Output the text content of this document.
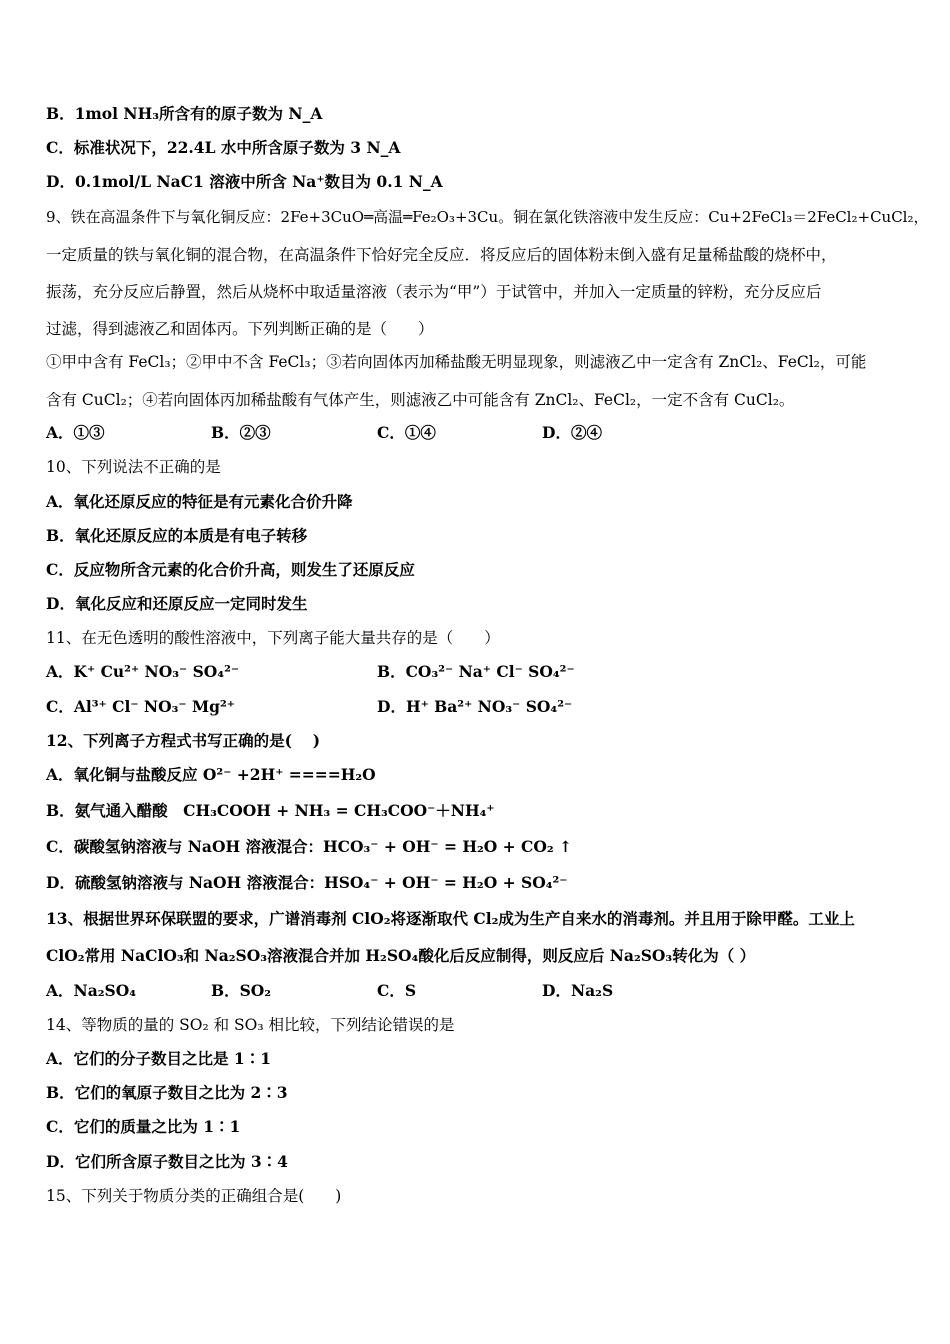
B．1mol NH₃所含有的原子数为 N_A
C．标准状况下，22.4L 水中所含原子数为 3 N_A
D．0.1mol/L NaC1 溶液中所含 Na⁺数目为 0.1 N_A
9、铁在高温条件下与氧化铜反应：2Fe+3CuO═高温═Fe₂O₃+3Cu。铜在氯化铁溶液中发生反应：Cu+2FeCl₃＝2FeCl₂+CuCl₂，
一定质量的铁与氧化铜的混合物，在高温条件下恰好完全反应．将反应后的固体粉末倒入盛有足量稀盐酸的烧杯中，
振荡，充分反应后静置，然后从烧杯中取适量溶液（表示为“甲”）于试管中，并加入一定质量的锌粉，充分反应后
过滤，得到滤液乙和固体丙。下列判断正确的是（　　）
①甲中含有 FeCl₃；②甲中不含 FeCl₃；③若向固体丙加稀盐酸无明显现象，则滤液乙中一定含有 ZnCl₂、FeCl₂，可能
含有 CuCl₂；④若向固体丙加稀盐酸有气体产生，则滤液乙中可能含有 ZnCl₂、FeCl₂，一定不含有 CuCl₂。
A．①③	B．②③	C．①④	D．②④
10、下列说法不正确的是
A．氧化还原反应的特征是有元素化合价升降
B．氧化还原反应的本质是有电子转移
C．反应物所含元素的化合价升高，则发生了还原反应
D．氧化反应和还原反应一定同时发生
11、在无色透明的酸性溶液中，下列离子能大量共存的是（　　）
A．K⁺ Cu²⁺ NO₃⁻ SO₄²⁻	B．CO₃²⁻ Na⁺ Cl⁻ SO₄²⁻
C．Al³⁺ Cl⁻ NO₃⁻ Mg²⁺	D．H⁺ Ba²⁺ NO₃⁻ SO₄²⁻
12、下列离子方程式书写正确的是(　 )
A．氧化铜与盐酸反应 O²⁻ +2H⁺ ====H₂O
B．氨气通入醋酸　CH₃COOH + NH₃ = CH₃COO⁻＋NH₄⁺
C．碳酸氢钠溶液与 NaOH 溶液混合：HCO₃⁻ + OH⁻ = H₂O + CO₂ ↑
D．硫酸氢钠溶液与 NaOH 溶液混合：HSO₄⁻ + OH⁻ = H₂O + SO₄²⁻
13、根据世界环保联盟的要求，广谱消毒剂 ClO₂将逐渐取代 Cl₂成为生产自来水的消毒剂。并且用于除甲醛。工业上
ClO₂常用 NaClO₃和 Na₂SO₃溶液混合并加 H₂SO₄酸化后反应制得，则反应后 Na₂SO₃转化为（ ）
A．Na₂SO₄	B．SO₂	C．S	D．Na₂S
14、等物质的量的 SO₂ 和 SO₃ 相比较，下列结论错误的是
A．它们的分子数目之比是 1∶1
B．它们的氧原子数目之比为 2∶3
C．它们的质量之比为 1∶1
D．它们所含原子数目之比为 3∶4
15、下列关于物质分类的正确组合是(　　)
